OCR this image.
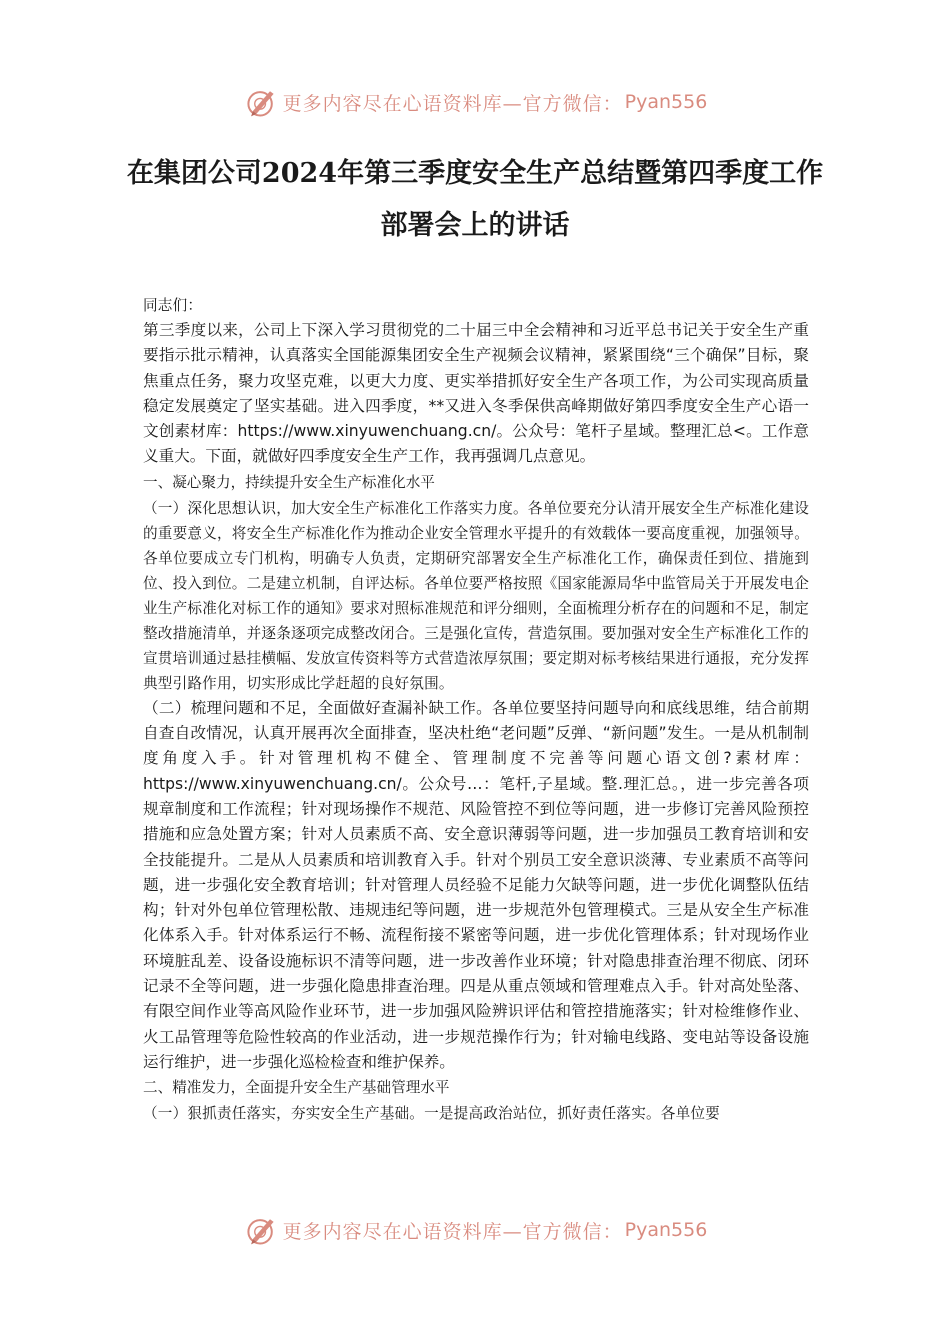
更多内容尽在心语资料库—官方微信： Pyan556
在集团公司2024年第三季度安全生产总结暨第四季度工作部署会上的讲话

同志们：

第三季度以来，公司上下深入学习贯彻党的二十届三中全会精神和习近平总书记关于安全生产重要指示批示精神，认真落实全国能源集团安全生产视频会议精神，紧紧围绕“三个确保”目标，聚焦重点任务，聚力攻坚克难，以更大力度、更实举措抓好安全生产各项工作，为公司实现高质量稳定发展奠定了坚实基础。进入四季度，**又进入冬季保供高峰期做好第四季度安全生产心语一文创素材库：https://www.xinyuwenchuang.cn/。公众号：笔杆子星域。整理汇总<。工作意义重大。下面，就做好四季度安全生产工作，我再强调几点意见。

一、凝心聚力，持续提升安全生产标准化水平

（一）深化思想认识，加大安全生产标准化工作落实力度。各单位要充分认清开展安全生产标准化建设的重要意义，将安全生产标准化作为推动企业安全管理水平提升的有效载体一要高度重视，加强领导。各单位要成立专门机构，明确专人负责，定期研究部署安全生产标准化工作，确保责任到位、措施到位、投入到位。二是建立机制，自评达标。各单位要严格按照《国家能源局华中监管局关于开展发电企业生产标准化对标工作的通知》要求对照标准规范和评分细则，全面梳理分析存在的问题和不足，制定整改措施清单，并逐条逐项完成整改闭合。三是强化宣传，营造氛围。要加强对安全生产标准化工作的宣贯培训通过悬挂横幅、发放宣传资料等方式营造浓厚氛围；要定期对标考核结果进行通报，充分发挥典型引路作用，切实形成比学赶超的良好氛围。

（二）梳理问题和不足，全面做好查漏补缺工作。各单位要坚持问题导向和底线思维，结合前期自查自改情况，认真开展再次全面排查，坚决杜绝“老问题”反弹、“新问题”发生。一是从机制制度角度入手。针对管理机构不健全、管理制度不完善等问题心语文创?素材库：https://www.xinyuwenchuang.cn/。公众号…：笔杆,子星域。整.理汇总。，进一步完善各项规章制度和工作流程；针对现场操作不规范、风险管控不到位等问题，进一步修订完善风险预控措施和应急处置方案；针对人员素质不高、安全意识薄弱等问题，进一步加强员工教育培训和安全技能提升。二是从人员素质和培训教育入手。针对个别员工安全意识淡薄、专业素质不高等问题，进一步强化安全教育培训；针对管理人员经验不足能力欠缺等问题，进一步优化调整队伍结构；针对外包单位管理松散、违规违纪等问题，进一步规范外包管理模式。三是从安全生产标准化体系入手。针对体系运行不畅、流程衔接不紧密等问题，进一步优化管理体系；针对现场作业环境脏乱差、设备设施标识不清等问题，进一步改善作业环境；针对隐患排查治理不彻底、闭环记录不全等问题，进一步强化隐患排查治理。四是从重点领域和管理难点入手。针对高处坠落、有限空间作业等高风险作业环节，进一步加强风险辨识评估和管控措施落实；针对检维修作业、火工品管理等危险性较高的作业活动，进一步规范操作行为；针对输电线路、变电站等设备设施运行维护，进一步强化巡检检查和维护保养。

二、精准发力，全面提升安全生产基础管理水平

（一）狠抓责任落实，夯实安全生产基础。一是提高政治站位，抓好责任落实。各单位要

更多内容尽在心语资料库—官方微信： Pyan556
